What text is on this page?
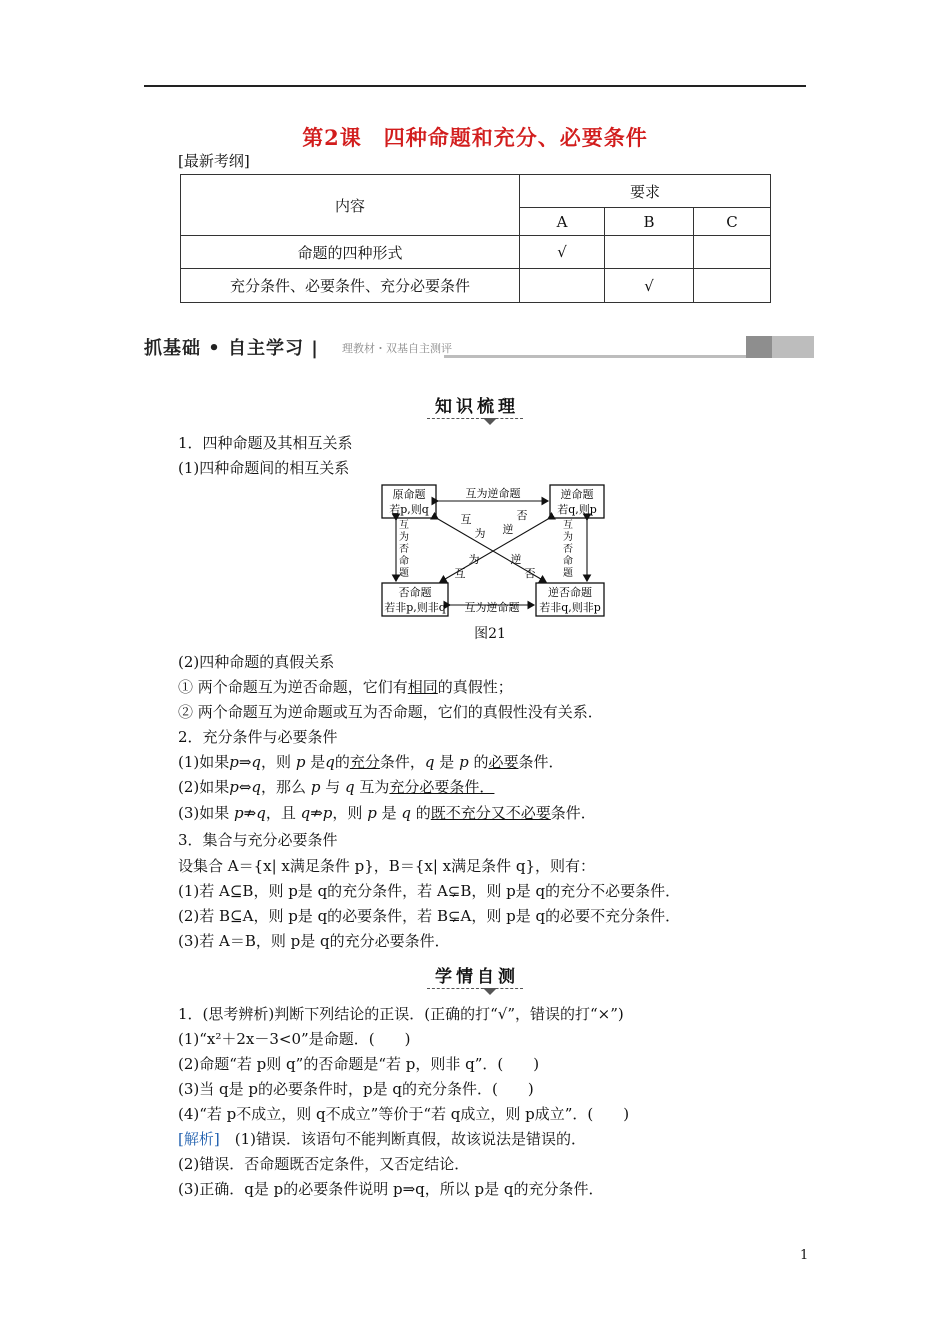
第2课　四种命题和充分、必要条件
[最新考纲]
内容	要求		
	A	B	C
命题的四种形式	√		
充分条件、必要条件、充分必要条件		√	
抓基础 • 自主学习 | 理教材・双基自主测评
知识梳理
1．四种命题及其相互关系
(1)四种命题间的相互关系
原命题
若p,则q
逆命题
若q,则p
否命题
若非p,则非q
逆否命题
若非q,则非p
互为逆命题
互为逆命题
互
为
否
命
题
互
为
否
命
题
互
为
逆
否
互
为
逆
否
图21
(2)四种命题的真假关系
① 两个命题互为逆否命题，它们有相同的真假性；
② 两个命题互为逆命题或互为否命题，它们的真假性没有关系．
2．充分条件与必要条件
(1)如果p⇒q，则 p 是q的充分条件，q 是 p 的必要条件．
(2)如果p⇔q，那么 p 与 q 互为充分必要条件．
(3)如果 p⇏q，且 q⇏p，则 p 是 q 的既不充分又不必要条件．
3．集合与充分必要条件
设集合 A＝{x| x满足条件 p}，B＝{x| x满足条件 q}，则有：
(1)若 A⊆B，则 p是 q的充分条件，若 A⊊B，则 p是 q的充分不必要条件．
(2)若 B⊆A，则 p是 q的必要条件，若 B⊊A，则 p是 q的必要不充分条件．
(3)若 A＝B，则 p是 q的充分必要条件．
学情自测
1．(思考辨析)判断下列结论的正误．(正确的打“√”，错误的打“×”)
(1)“x²＋2x－3<0”是命题．(　　)
(2)命题“若 p则 q”的否命题是“若 p，则非 q”．(　　)
(3)当 q是 p的必要条件时，p是 q的充分条件．(　　)
(4)“若 p不成立，则 q不成立”等价于“若 q成立，则 p成立”．(　　)
[解析]　(1)错误．该语句不能判断真假，故该说法是错误的．
(2)错误．否命题既否定条件，又否定结论．
(3)正确．q是 p的必要条件说明 p⇒q，所以 p是 q的充分条件．
1
